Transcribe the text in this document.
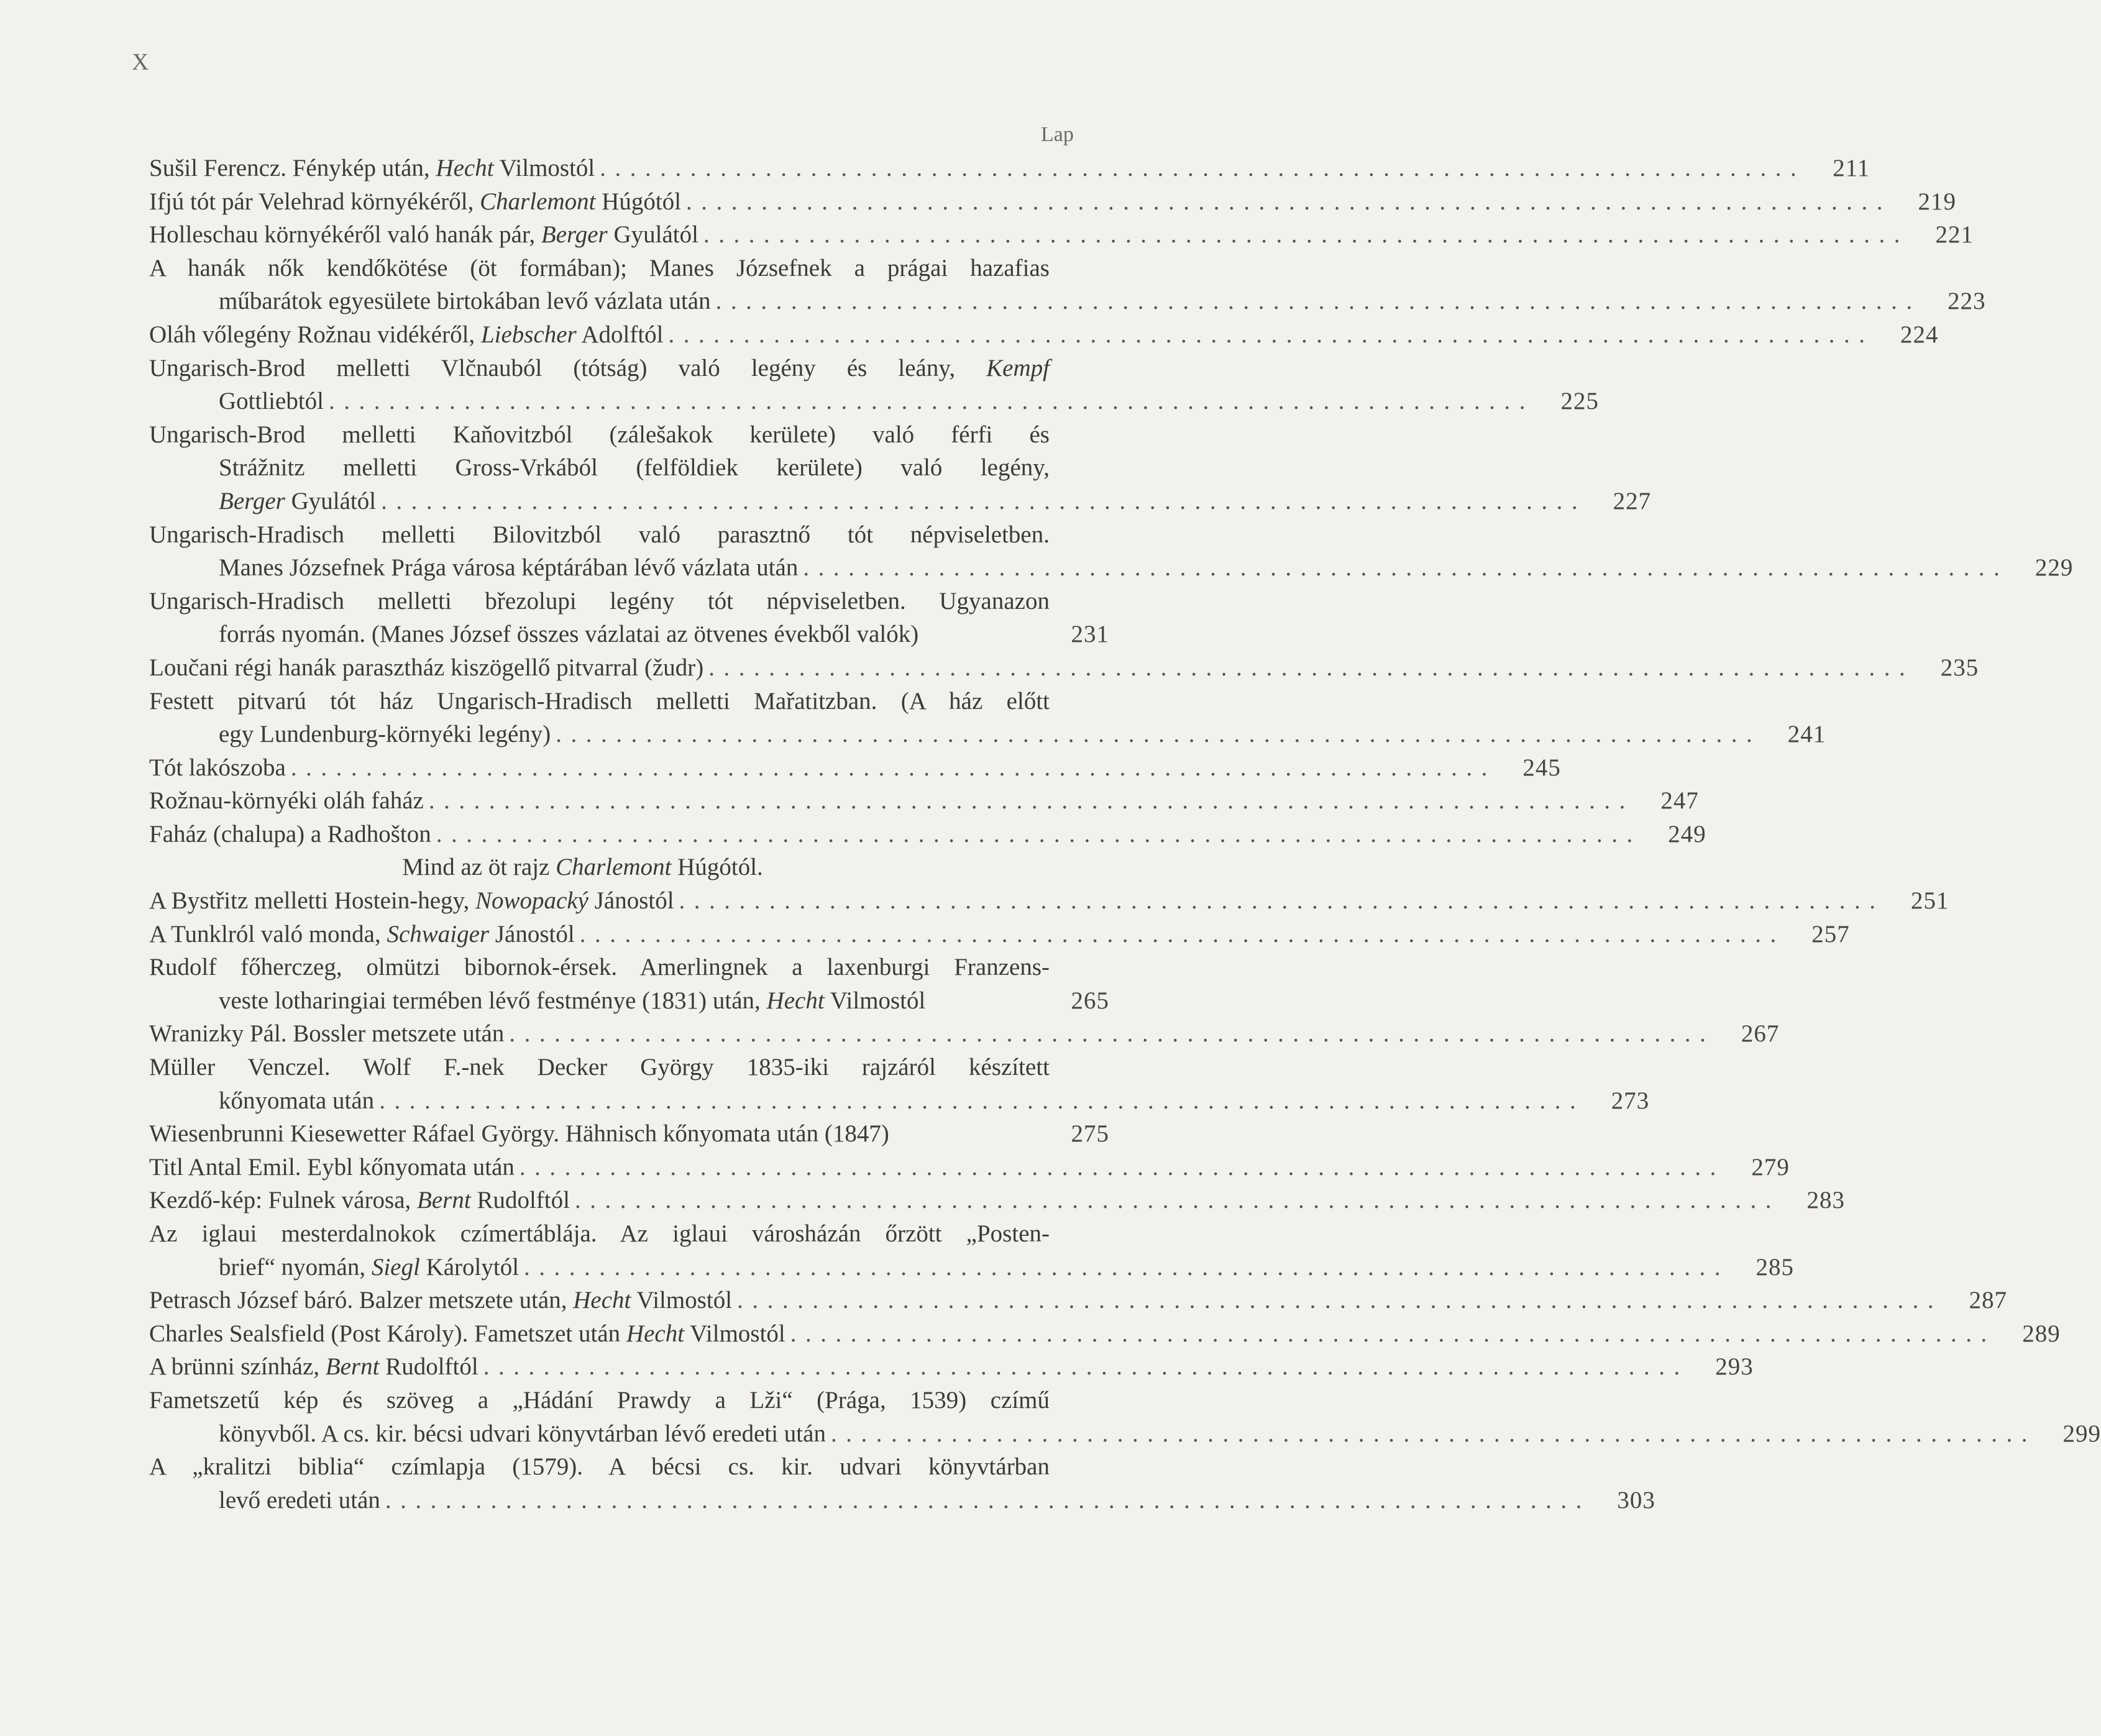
X
Lap
Sušil Ferencz. Fénykép után, Hecht Vilmostól ................................................................................	211
Ifjú tót pár Velehrad környékéről, Charlemont Húgótól ................................................................................	219
Holleschau környékéről való hanák pár, Berger Gyulától ................................................................................	221
A hanák nők kendőkötése (öt formában); Manes Józsefnek a prágai hazafias
műbarátok egyesülete birtokában levő vázlata után ................................................................................	223
Oláh vőlegény Rožnau vidékéről, Liebscher Adolftól ................................................................................	224
Ungarisch-Brod melletti Vlčnauból (tótság) való legény és leány, Kempf
Gottliebtól ................................................................................	225
Ungarisch-Brod melletti Kaňovitzból (zálešakok kerülete) való férfi és
Strážnitz melletti Gross-Vrkából (felföldiek kerülete) való legény,
Berger Gyulától ................................................................................	227
Ungarisch-Hradisch melletti Bilovitzból való parasztnő tót népviseletben.
Manes Józsefnek Prága városa képtárában lévő vázlata után ................................................................................	229
Ungarisch-Hradisch melletti březolupi legény tót népviseletben. Ugyanazon
forrás nyomán. (Manes József összes vázlatai az ötvenes évekből valók)	231
Loučani régi hanák parasztház kiszögellő pitvarral (žudr) ................................................................................	235
Festett pitvarú tót ház Ungarisch-Hradisch melletti Mařatitzban. (A ház előtt
egy Lundenburg-környéki legény) ................................................................................	241
Tót lakószoba ................................................................................	245
Rožnau-környéki oláh faház ................................................................................	247
Faház (chalupa) a Radhošton ................................................................................	249
Mind az öt rajz Charlemont Húgótól.
A Bystřitz melletti Hostein-hegy, Nowopacký Jánostól ................................................................................	251
A Tunklról való monda, Schwaiger Jánostól ................................................................................	257
Rudolf főherczeg, olmützi bibornok-érsek. Amerlingnek a laxenburgi Franzens-
veste lotharingiai termében lévő festménye (1831) után, Hecht Vilmostól	265
Wranizky Pál. Bossler metszete után ................................................................................	267
Müller Venczel. Wolf F.-nek Decker György 1835-iki rajzáról készített
kőnyomata után ................................................................................	273
Wiesenbrunni Kiesewetter Ráfael György. Hähnisch kőnyomata után (1847)	275
Titl Antal Emil. Eybl kőnyomata után ................................................................................	279
Kezdő-kép: Fulnek városa, Bernt Rudolftól ................................................................................	283
Az iglaui mesterdalnokok czímertáblája. Az iglaui városházán őrzött „Posten-
brief“ nyomán, Siegl Károlytól ................................................................................	285
Petrasch József báró. Balzer metszete után, Hecht Vilmostól ................................................................................	287
Charles Sealsfield (Post Károly). Fametszet után Hecht Vilmostól ................................................................................	289
A brünni színház, Bernt Rudolftól ................................................................................	293
Fametszetű kép és szöveg a „Hádání Prawdy a Lži“ (Prága, 1539) czímű
könyvből. A cs. kir. bécsi udvari könyvtárban lévő eredeti után ................................................................................	299
A „kralitzi biblia“ czímlapja (1579). A bécsi cs. kir. udvari könyvtárban
levő eredeti után ................................................................................	303
